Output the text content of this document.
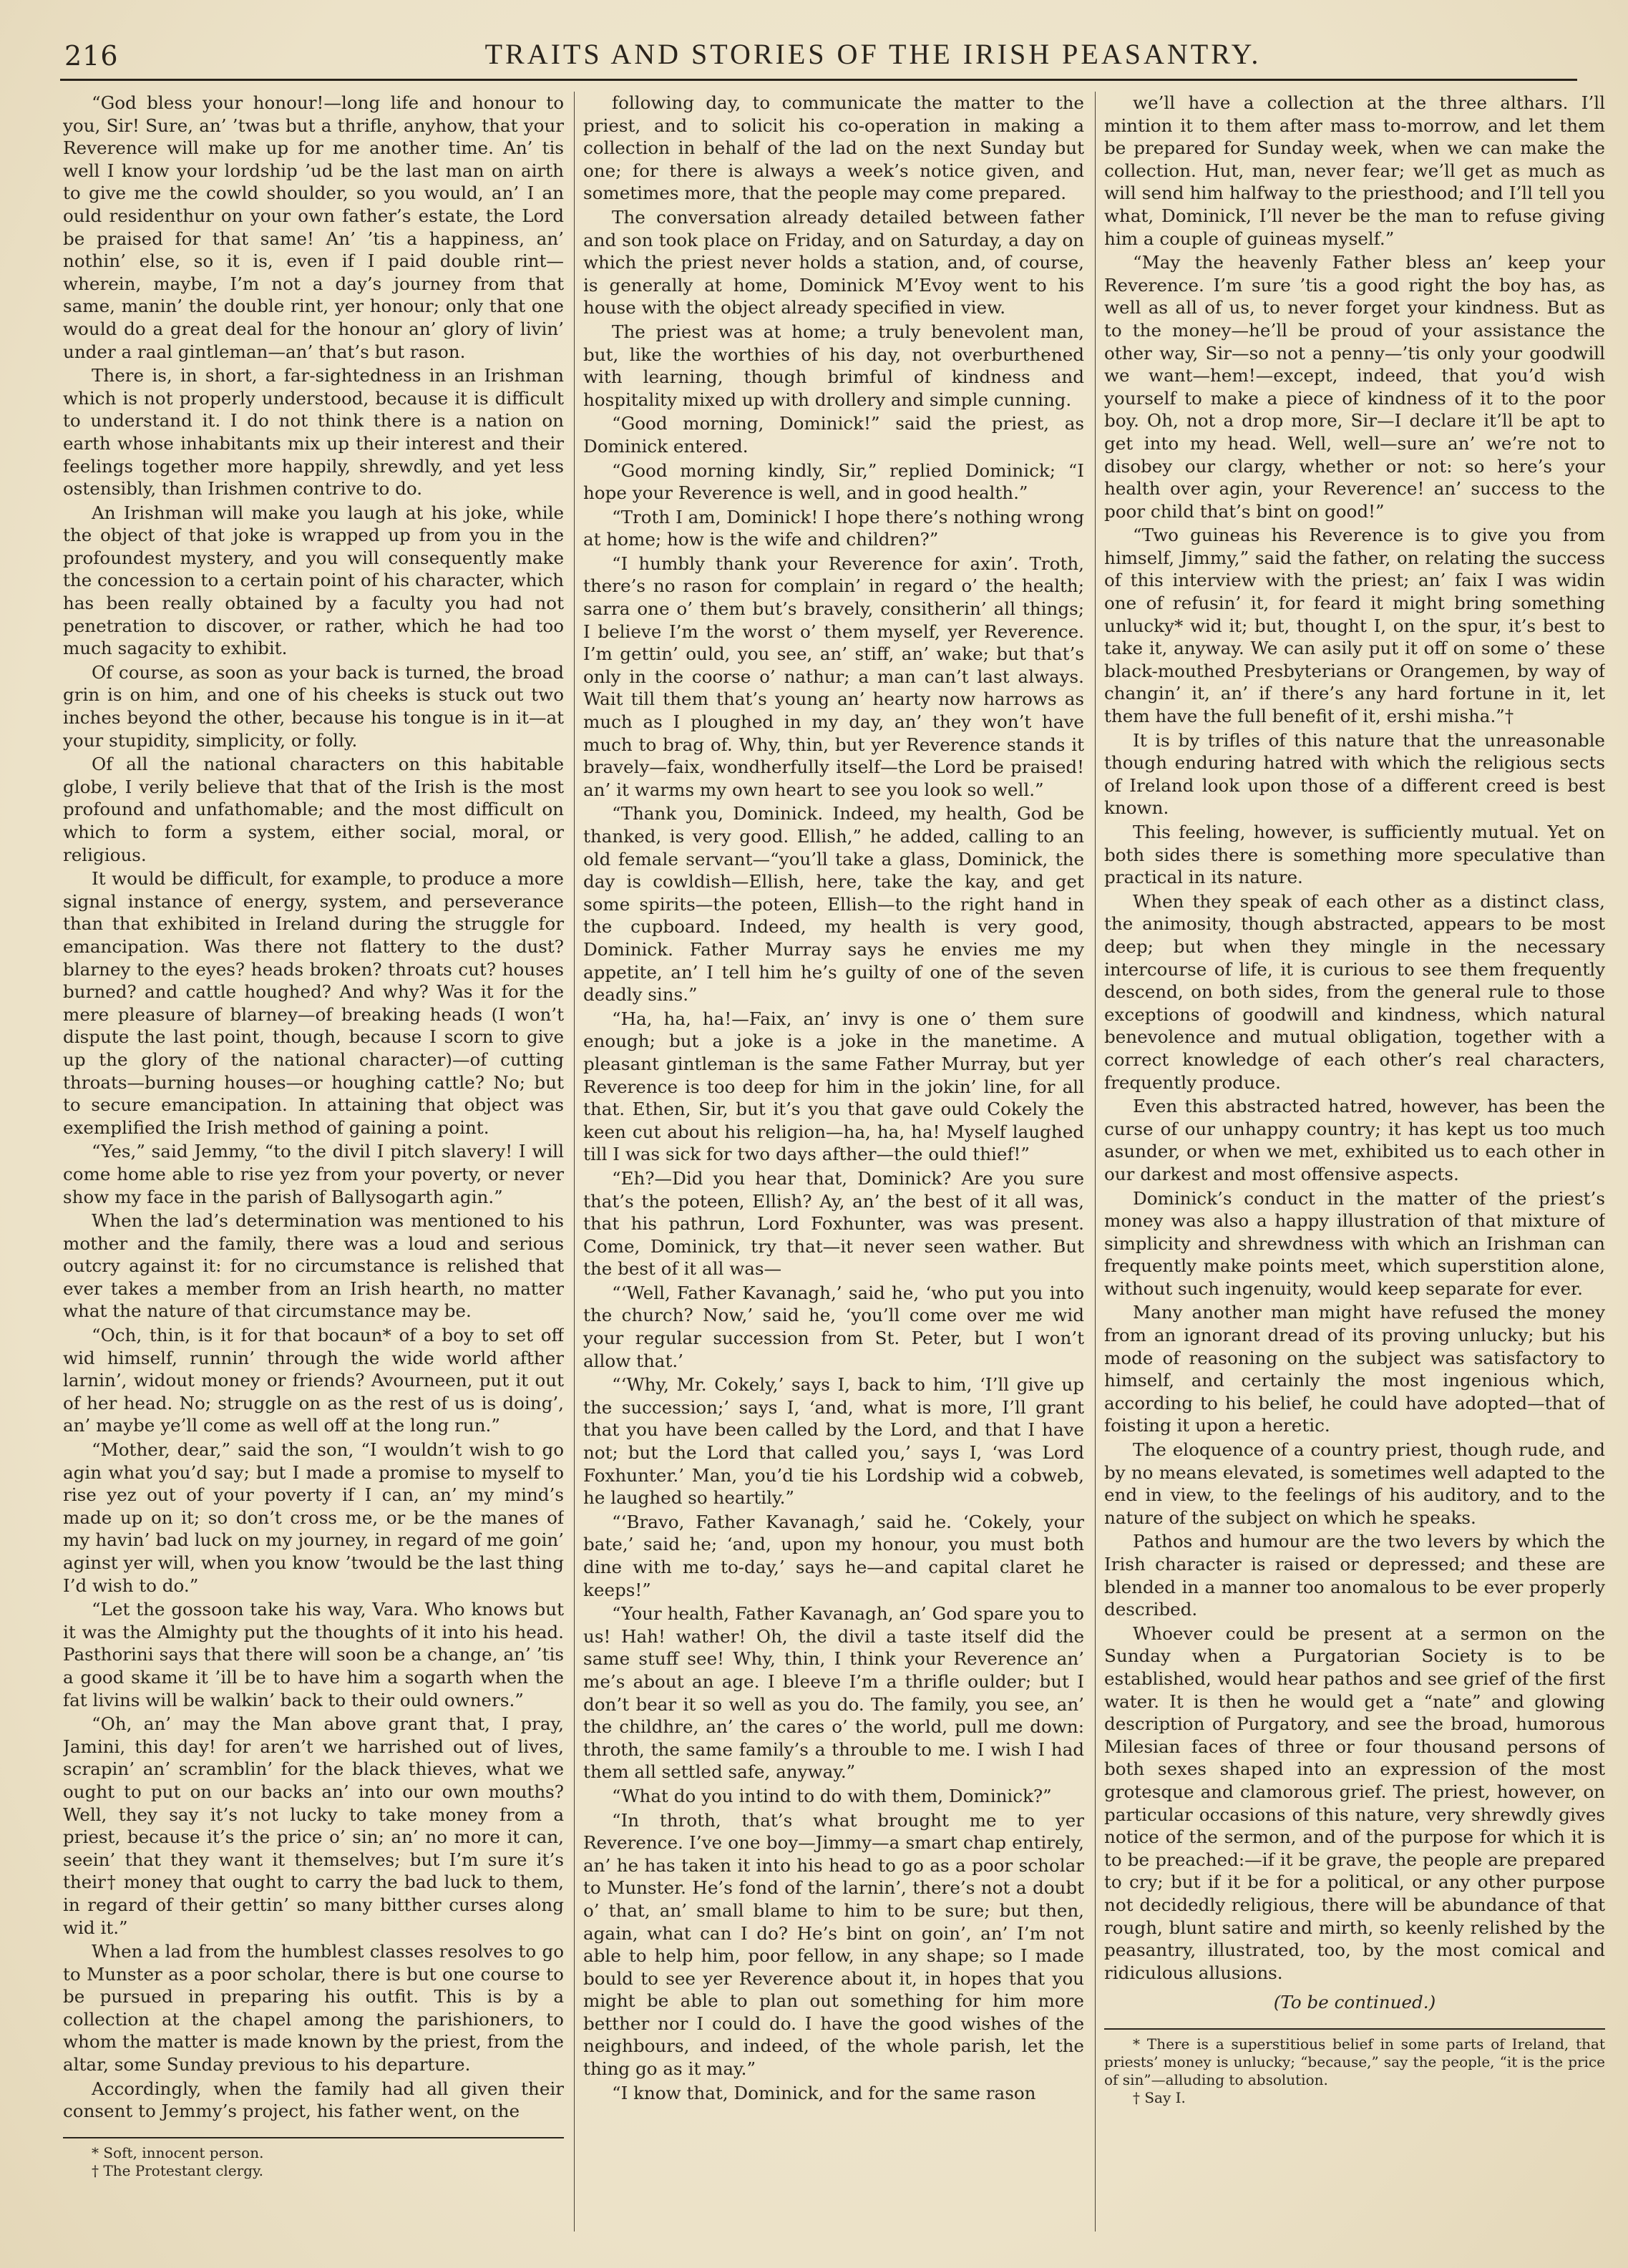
216	TRAITS AND STORIES OF THE IRISH PEASANTRY.

“God bless your honour!—long life and honour to you, Sir! Sure, an’ ’twas but a thrifle, anyhow, that your Reverence will make up for me another time. An’ tis well I know your lordship ’ud be the last man on airth to give me the cowld shoulder, so you would, an’ I an ould residenthur on your own father’s estate, the Lord be praised for that same! An’ ’tis a happiness, an’ nothin’ else, so it is, even if I paid double rint—wherein, maybe, I’m not a day’s journey from that same, manin’ the double rint, yer honour; only that one would do a great deal for the honour an’ glory of livin’ under a raal gintleman—an’ that’s but rason.

There is, in short, a far-sightedness in an Irishman which is not properly understood, because it is difficult to understand it. I do not think there is a nation on earth whose inhabitants mix up their interest and their feelings together more happily, shrewdly, and yet less ostensibly, than Irishmen contrive to do.

An Irishman will make you laugh at his joke, while the object of that joke is wrapped up from you in the profoundest mystery, and you will consequently make the concession to a certain point of his character, which has been really obtained by a faculty you had not penetration to discover, or rather, which he had too much sagacity to exhibit.

Of course, as soon as your back is turned, the broad grin is on him, and one of his cheeks is stuck out two inches beyond the other, because his tongue is in it—at your stupidity, simplicity, or folly.

Of all the national characters on this habitable globe, I verily believe that that of the Irish is the most profound and unfathomable; and the most difficult on which to form a system, either social, moral, or religious.

It would be difficult, for example, to produce a more signal instance of energy, system, and perseverance than that exhibited in Ireland during the struggle for emancipation. Was there not flattery to the dust? blarney to the eyes? heads broken? throats cut? houses burned? and cattle houghed? And why? Was it for the mere pleasure of blarney—of breaking heads (I won’t dispute the last point, though, because I scorn to give up the glory of the national character)—of cutting throats—burning houses—or houghing cattle? No; but to secure emancipation. In attaining that object was exemplified the Irish method of gaining a point.

“Yes,” said Jemmy, “to the divil I pitch slavery! I will come home able to rise yez from your poverty, or never show my face in the parish of Ballysogarth agin.”

When the lad’s determination was mentioned to his mother and the family, there was a loud and serious outcry against it: for no circumstance is relished that ever takes a member from an Irish hearth, no matter what the nature of that circumstance may be.

“Och, thin, is it for that bocaun* of a boy to set off wid himself, runnin’ through the wide world afther larnin’, widout money or friends? Avourneen, put it out of her head. No; struggle on as the rest of us is doing’, an’ maybe ye’ll come as well off at the long run.”

“Mother, dear,” said the son, “I wouldn’t wish to go agin what you’d say; but I made a promise to myself to rise yez out of your poverty if I can, an’ my mind’s made up on it; so don’t cross me, or be the manes of my havin’ bad luck on my journey, in regard of me goin’ aginst yer will, when you know ’twould be the last thing I’d wish to do.”

“Let the gossoon take his way, Vara. Who knows but it was the Almighty put the thoughts of it into his head. Pasthorini says that there will soon be a change, an’ ’tis a good skame it ’ill be to have him a sogarth when the fat livins will be walkin’ back to their ould owners.”

“Oh, an’ may the Man above grant that, I pray, Jamini, this day! for aren’t we harrished out of lives, scrapin’ an’ scramblin’ for the black thieves, what we ought to put on our backs an’ into our own mouths? Well, they say it’s not lucky to take money from a priest, because it’s the price o’ sin; an’ no more it can, seein’ that they want it themselves; but I’m sure it’s their† money that ought to carry the bad luck to them, in regard of their gettin’ so many bitther curses along wid it.”

When a lad from the humblest classes resolves to go to Munster as a poor scholar, there is but one course to be pursued in preparing his outfit. This is by a collection at the chapel among the parishioners, to whom the matter is made known by the priest, from the altar, some Sunday previous to his departure.

Accordingly, when the family had all given their consent to Jemmy’s project, his father went, on the

* Soft, innocent person.

† The Protestant clergy.

following day, to communicate the matter to the priest, and to solicit his co-operation in making a collection in behalf of the lad on the next Sunday but one; for there is always a week’s notice given, and sometimes more, that the people may come prepared.

The conversation already detailed between father and son took place on Friday, and on Saturday, a day on which the priest never holds a station, and, of course, is generally at home, Dominick M’Evoy went to his house with the object already specified in view.

The priest was at home; a truly benevolent man, but, like the worthies of his day, not overburthened with learning, though brimful of kindness and hospitality mixed up with drollery and simple cunning.

“Good morning, Dominick!” said the priest, as Dominick entered.

“Good morning kindly, Sir,” replied Dominick; “I hope your Reverence is well, and in good health.”

“Troth I am, Dominick! I hope there’s nothing wrong at home; how is the wife and children?”

“I humbly thank your Reverence for axin’. Troth, there’s no rason for complain’ in regard o’ the health; sarra one o’ them but’s bravely, consitherin’ all things; I believe I’m the worst o’ them myself, yer Reverence. I’m gettin’ ould, you see, an’ stiff, an’ wake; but that’s only in the coorse o’ nathur; a man can’t last always. Wait till them that’s young an’ hearty now harrows as much as I ploughed in my day, an’ they won’t have much to brag of. Why, thin, but yer Reverence stands it bravely—faix, wondherfully itself—the Lord be praised! an’ it warms my own heart to see you look so well.”

“Thank you, Dominick. Indeed, my health, God be thanked, is very good. Ellish,” he added, calling to an old female servant—“you’ll take a glass, Dominick, the day is cowldish—Ellish, here, take the kay, and get some spirits—the poteen, Ellish—to the right hand in the cupboard. Indeed, my health is very good, Dominick. Father Murray says he envies me my appetite, an’ I tell him he’s guilty of one of the seven deadly sins.”

“Ha, ha, ha!—Faix, an’ invy is one o’ them sure enough; but a joke is a joke in the manetime. A pleasant gintleman is the same Father Murray, but yer Reverence is too deep for him in the jokin’ line, for all that. Ethen, Sir, but it’s you that gave ould Cokely the keen cut about his religion—ha, ha, ha! Myself laughed till I was sick for two days afther—the ould thief!”

“Eh?—Did you hear that, Dominick? Are you sure that’s the poteen, Ellish? Ay, an’ the best of it all was, that his pathrun, Lord Foxhunter, was was present. Come, Dominick, try that—it never seen wather. But the best of it all was—

“‘Well, Father Kavanagh,’ said he, ‘who put you into the church? Now,’ said he, ‘you’ll come over me wid your regular succession from St. Peter, but I won’t allow that.’

“‘Why, Mr. Cokely,’ says I, back to him, ‘I’ll give up the succession;’ says I, ‘and, what is more, I’ll grant that you have been called by the Lord, and that I have not; but the Lord that called you,’ says I, ‘was Lord Foxhunter.’ Man, you’d tie his Lordship wid a cobweb, he laughed so heartily.”

“‘Bravo, Father Kavanagh,’ said he. ‘Cokely, your bate,’ said he; ‘and, upon my honour, you must both dine with me to-day,’ says he—and capital claret he keeps!”

“Your health, Father Kavanagh, an’ God spare you to us! Hah! wather! Oh, the divil a taste itself did the same stuff see! Why, thin, I think your Reverence an’ me’s about an age. I bleeve I’m a thrifle oulder; but I don’t bear it so well as you do. The family, you see, an’ the childhre, an’ the cares o’ the world, pull me down: throth, the same family’s a throuble to me. I wish I had them all settled safe, anyway.”

“What do you intind to do with them, Dominick?”

“In throth, that’s what brought me to yer Reverence. I’ve one boy—Jimmy—a smart chap entirely, an’ he has taken it into his head to go as a poor scholar to Munster. He’s fond of the larnin’, there’s not a doubt o’ that, an’ small blame to him to be sure; but then, again, what can I do? He’s bint on goin’, an’ I’m not able to help him, poor fellow, in any shape; so I made bould to see yer Reverence about it, in hopes that you might be able to plan out something for him more betther nor I could do. I have the good wishes of the neighbours, and indeed, of the whole parish, let the thing go as it may.”

“I know that, Dominick, and for the same rason

we’ll have a collection at the three althars. I’ll mintion it to them after mass to-morrow, and let them be prepared for Sunday week, when we can make the collection. Hut, man, never fear; we’ll get as much as will send him halfway to the priesthood; and I’ll tell you what, Dominick, I’ll never be the man to refuse giving him a couple of guineas myself.”

“May the heavenly Father bless an’ keep your Reverence. I’m sure ’tis a good right the boy has, as well as all of us, to never forget your kindness. But as to the money—he’ll be proud of your assistance the other way, Sir—so not a penny—’tis only your goodwill we want—hem!—except, indeed, that you’d wish yourself to make a piece of kindness of it to the poor boy. Oh, not a drop more, Sir—I declare it’ll be apt to get into my head. Well, well—sure an’ we’re not to disobey our clargy, whether or not: so here’s your health over agin, your Reverence! an’ success to the poor child that’s bint on good!”

“Two guineas his Reverence is to give you from himself, Jimmy,” said the father, on relating the success of this interview with the priest; an’ faix I was widin one of refusin’ it, for feard it might bring something unlucky* wid it; but, thought I, on the spur, it’s best to take it, anyway. We can asily put it off on some o’ these black-mouthed Presbyterians or Orangemen, by way of changin’ it, an’ if there’s any hard fortune in it, let them have the full benefit of it, ershi misha.”†

It is by trifles of this nature that the unreasonable though enduring hatred with which the religious sects of Ireland look upon those of a different creed is best known.

This feeling, however, is sufficiently mutual. Yet on both sides there is something more speculative than practical in its nature.

When they speak of each other as a distinct class, the animosity, though abstracted, appears to be most deep; but when they mingle in the necessary intercourse of life, it is curious to see them frequently descend, on both sides, from the general rule to those exceptions of goodwill and kindness, which natural benevolence and mutual obligation, together with a correct knowledge of each other’s real characters, frequently produce.

Even this abstracted hatred, however, has been the curse of our unhappy country; it has kept us too much asunder, or when we met, exhibited us to each other in our darkest and most offensive aspects.

Dominick’s conduct in the matter of the priest’s money was also a happy illustration of that mixture of simplicity and shrewdness with which an Irishman can frequently make points meet, which superstition alone, without such ingenuity, would keep separate for ever.

Many another man might have refused the money from an ignorant dread of its proving unlucky; but his mode of reasoning on the subject was satisfactory to himself, and certainly the most ingenious which, according to his belief, he could have adopted—that of foisting it upon a heretic.

The eloquence of a country priest, though rude, and by no means elevated, is sometimes well adapted to the end in view, to the feelings of his auditory, and to the nature of the subject on which he speaks.

Pathos and humour are the two levers by which the Irish character is raised or depressed; and these are blended in a manner too anomalous to be ever properly described.

Whoever could be present at a sermon on the Sunday when a Purgatorian Society is to be established, would hear pathos and see grief of the first water. It is then he would get a “nate” and glowing description of Purgatory, and see the broad, humorous Milesian faces of three or four thousand persons of both sexes shaped into an expression of the most grotesque and clamorous grief. The priest, however, on particular occasions of this nature, very shrewdly gives notice of the sermon, and of the purpose for which it is to be preached:—if it be grave, the people are prepared to cry; but if it be for a political, or any other purpose not decidedly religious, there will be abundance of that rough, blunt satire and mirth, so keenly relished by the peasantry, illustrated, too, by the most comical and ridiculous allusions.

(To be continued.)

* There is a superstitious belief in some parts of Ireland, that priests’ money is unlucky; “because,” say the people, “it is the price of sin”—alluding to absolution.

† Say I.
